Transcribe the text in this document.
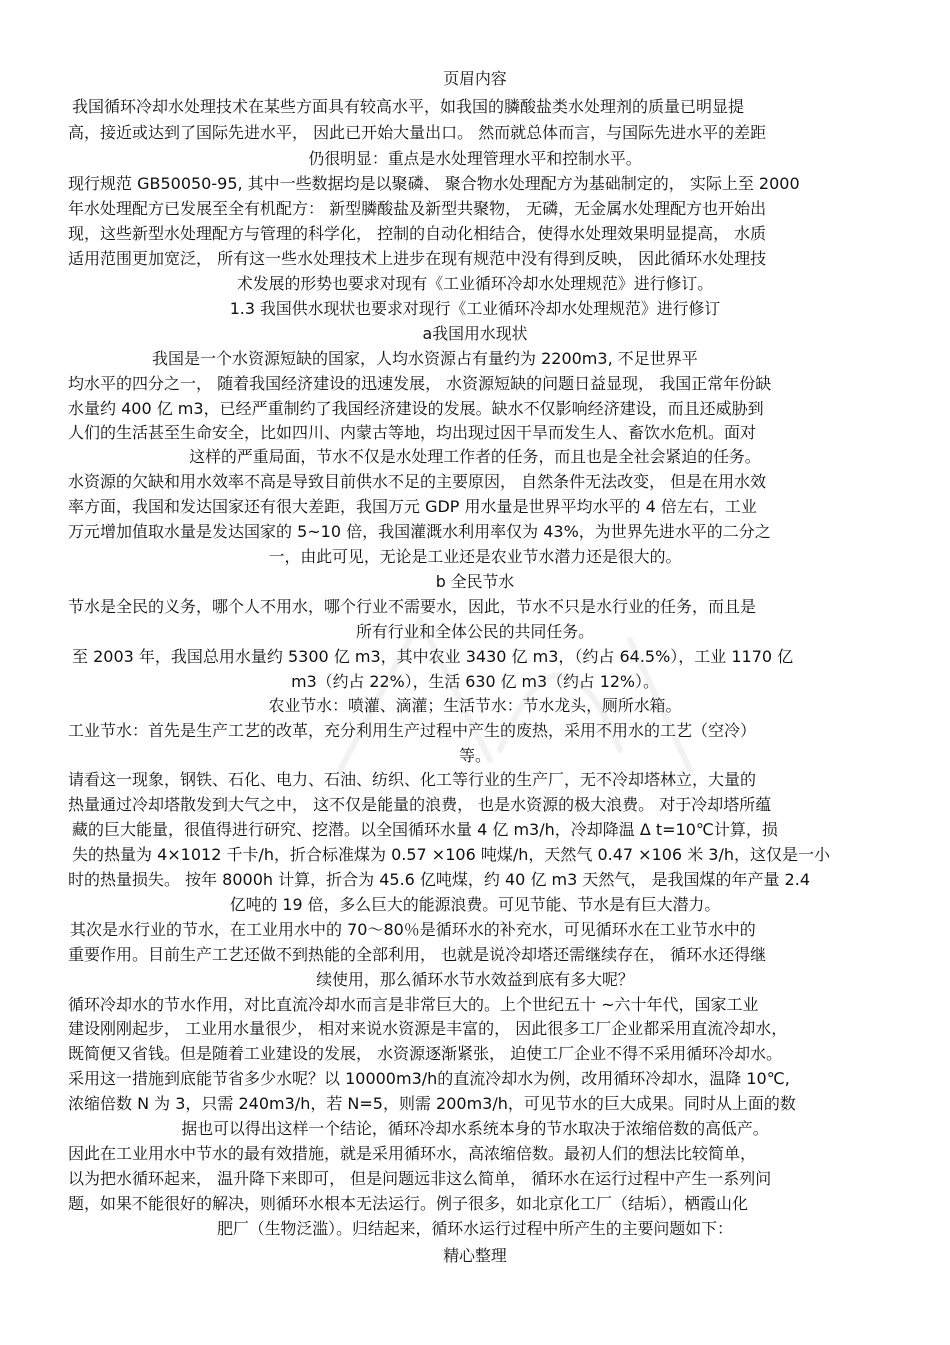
页眉内容
我国循环冷却水处理技术在某些方面具有较高水平，如我国的膦酸盐类水处理剂的质量已明显提
高，接近或达到了国际先进水平， 因此已开始大量出口。 然而就总体而言，与国际先进水平的差距
仍很明显：重点是水处理管理水平和控制水平。
现行规范 GB50050-95, 其中一些数据均是以聚磷、 聚合物水处理配方为基础制定的， 实际上至 2000
年水处理配方已发展至全有机配方： 新型膦酸盐及新型共聚物， 无磷，无金属水处理配方也开始出
现，这些新型水处理配方与管理的科学化， 控制的自动化相结合，使得水处理效果明显提高， 水质
适用范围更加宽泛， 所有这一些水处理技术上进步在现有规范中没有得到反映， 因此循环水处理技
术发展的形势也要求对现有《工业循环冷却水处理规范》进行修订。
1.3 我国供水现状也要求对现行《工业循环冷却水处理规范》进行修订
a我国用水现状
我国是一个水资源短缺的国家，人均水资源占有量约为 2200m3, 不足世界平
均水平的四分之一， 随着我国经济建设的迅速发展， 水资源短缺的问题日益显现， 我国正常年份缺
水量约 400 亿 m3，已经严重制约了我国经济建设的发展。缺水不仅影响经济建设，而且还威胁到
人们的生活甚至生命安全，比如四川、内蒙古等地，均出现过因干旱而发生人、畜饮水危机。面对
这样的严重局面，节水不仅是水处理工作者的任务，而且也是全社会紧迫的任务。
水资源的欠缺和用水效率不高是导致目前供水不足的主要原因， 自然条件无法改变， 但是在用水效
率方面，我国和发达国家还有很大差距，我国万元 GDP 用水量是世界平均水平的 4 倍左右，工业
万元增加值取水量是发达国家的 5~10 倍，我国灌溉水利用率仅为 43%，为世界先进水平的二分之
一，由此可见，无论是工业还是农业节水潜力还是很大的。
b 全民节水
节水是全民的义务，哪个人不用水，哪个行业不需要水，因此，节水不只是水行业的任务，而且是
所有行业和全体公民的共同任务。
至 2003 年，我国总用水量约 5300 亿 m3，其中农业 3430 亿 m3，（约占 64.5%），工业 1170 亿
m3（约占 22%），生活 630 亿 m3（约占 12%）。
农业节水：喷灌、滴灌；生活节水：节水龙头，厕所水箱。
工业节水：首先是生产工艺的改革，充分利用生产过程中产生的废热，采用不用水的工艺（空冷）
等。
请看这一现象，钢铁、石化、电力、石油、纺织、化工等行业的生产厂，无不冷却塔林立，大量的
热量通过冷却塔散发到大气之中， 这不仅是能量的浪费， 也是水资源的极大浪费。 对于冷却塔所蕴
藏的巨大能量，很值得进行研究、挖潜。以全国循环水量 4 亿 m3/h，冷却降温 Δ t=10℃计算，损
失的热量为 4×1012 千卡/h，折合标准煤为 0.57 ×106 吨煤/h，天然气 0.47 ×106 米 3/h，这仅是一小
时的热量损失。 按年 8000h 计算，折合为 45.6 亿吨煤，约 40 亿 m3 天然气， 是我国煤的年产量 2.4
亿吨的 19 倍，多么巨大的能源浪费。可见节能、节水是有巨大潜力。
其次是水行业的节水，在工业用水中的 70～80％是循环水的补充水，可见循环水在工业节水中的
重要作用。目前生产工艺还做不到热能的全部利用， 也就是说冷却塔还需继续存在， 循环水还得继
续使用，那么循环水节水效益到底有多大呢？
循环冷却水的节水作用，对比直流冷却水而言是非常巨大的。上个世纪五十 ~六十年代，国家工业
建设刚刚起步， 工业用水量很少， 相对来说水资源是丰富的， 因此很多工厂企业都采用直流冷却水，
既简便又省钱。但是随着工业建设的发展， 水资源逐渐紧张， 迫使工厂企业不得不采用循环冷却水。
采用这一措施到底能节省多少水呢？以 10000m3/h的直流冷却水为例，改用循环冷却水，温降 10℃,
浓缩倍数 N 为 3，只需 240m3/h，若 N=5，则需 200m3/h，可见节水的巨大成果。同时从上面的数
据也可以得出这样一个结论，循环冷却水系统本身的节水取决于浓缩倍数的高低产。
因此在工业用水中节水的最有效措施，就是采用循环水，高浓缩倍数。最初人们的想法比较简单，
以为把水循环起来， 温升降下来即可， 但是问题远非这么简单， 循环水在运行过程中产生一系列问
题，如果不能很好的解决，则循环水根本无法运行。例子很多，如北京化工厂（结垢），栖霞山化
肥厂（生物泛滥）。归结起来，循环水运行过程中所产生的主要问题如下：
精心整理
